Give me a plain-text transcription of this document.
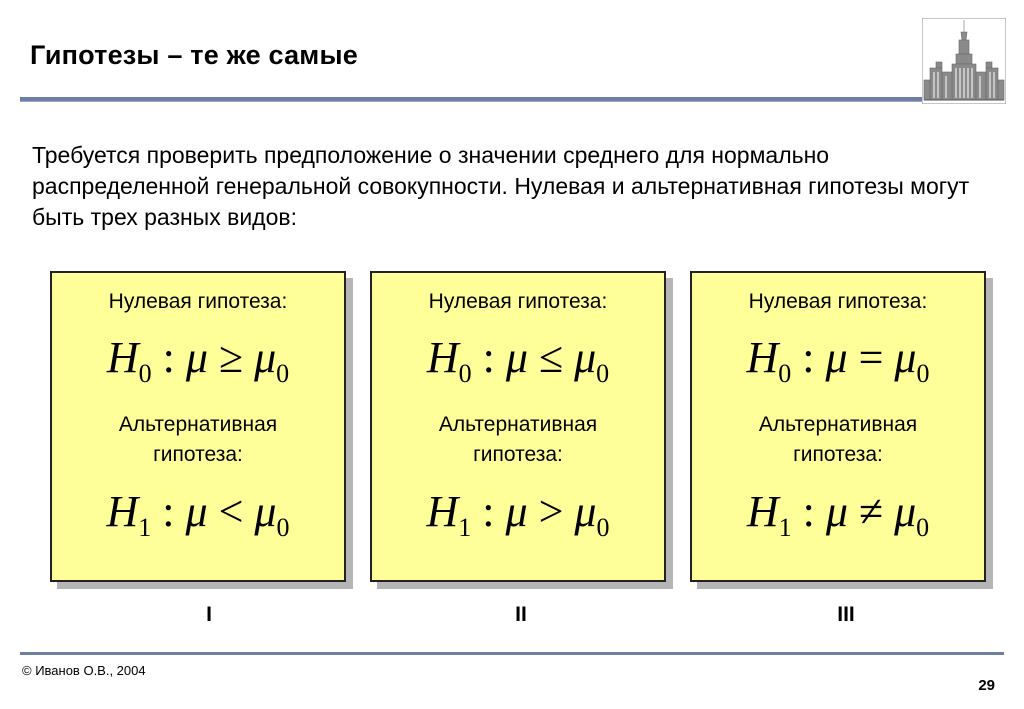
Гипотезы – те же самые

Требуется проверить предположение о значении среднего для нормально распределенной генеральной совокупности. Нулевая и альтернативная гипотезы могут быть трех разных видов:

Нулевая гипотеза:
$H_0$ : $\mu \ge \mu_0$
Альтернативная гипотеза:
$H_1$ : $\mu < \mu_0$
Нулевая гипотеза:
$H_0$ : $\mu \le \mu_0$
Альтернативная гипотеза:
$H_1$ : $\mu > \mu_0$
Нулевая гипотеза:
$H_0$ : $\mu = \mu_0$
Альтернативная гипотеза:
$H_1$ : $\mu \ne \mu_0$
I	II	III
© Иванов О.В., 2004
29
